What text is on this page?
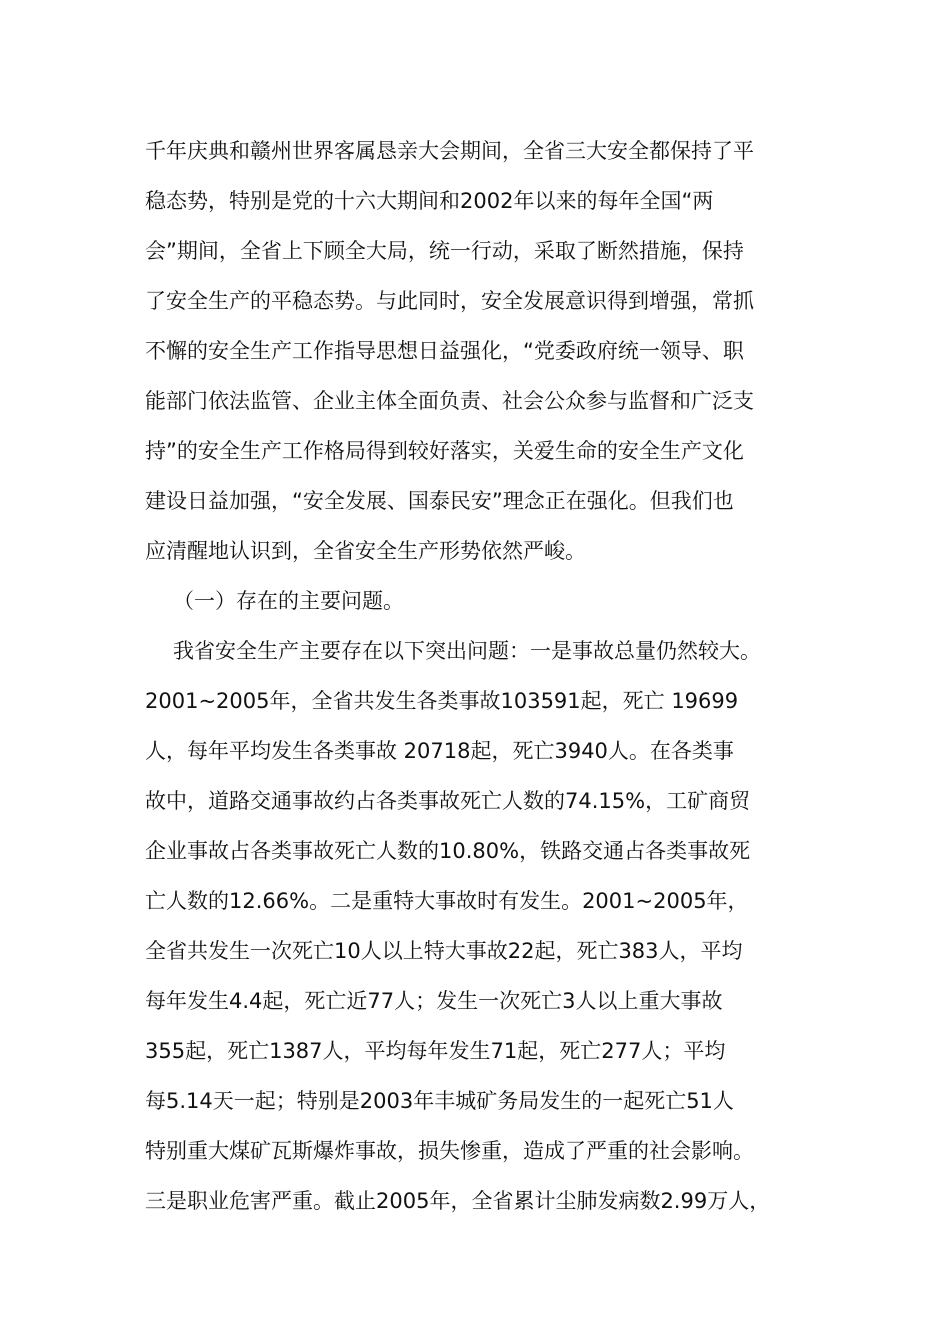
千年庆典和赣州世界客属恳亲大会期间，全省三大安全都保持了平
稳态势，特别是党的十六大期间和2002年以来的每年全国“两
会”期间，全省上下顾全大局，统一行动，采取了断然措施，保持
了安全生产的平稳态势。与此同时，安全发展意识得到增强，常抓
不懈的安全生产工作指导思想日益强化，“党委政府统一领导、职
能部门依法监管、企业主体全面负责、社会公众参与监督和广泛支
持”的安全生产工作格局得到较好落实，关爱生命的安全生产文化
建设日益加强，“安全发展、国泰民安”理念正在强化。但我们也
应清醒地认识到，全省安全生产形势依然严峻。
（一）存在的主要问题。
我省安全生产主要存在以下突出问题：一是事故总量仍然较大。
2001~2005年，全省共发生各类事故103591起，死亡 19699
人，每年平均发生各类事故 20718起，死亡3940人。在各类事
故中，道路交通事故约占各类事故死亡人数的74.15%，工矿商贸
企业事故占各类事故死亡人数的10.80%，铁路交通占各类事故死
亡人数的12.66%。二是重特大事故时有发生。2001~2005年，
全省共发生一次死亡10人以上特大事故22起，死亡383人，平均
每年发生4.4起，死亡近77人；发生一次死亡3人以上重大事故
355起，死亡1387人，平均每年发生71起，死亡277人；平均
每5.14天一起；特别是2003年丰城矿务局发生的一起死亡51人
特别重大煤矿瓦斯爆炸事故，损失惨重，造成了严重的社会影响。
三是职业危害严重。截止2005年，全省累计尘肺发病数2.99万人，
